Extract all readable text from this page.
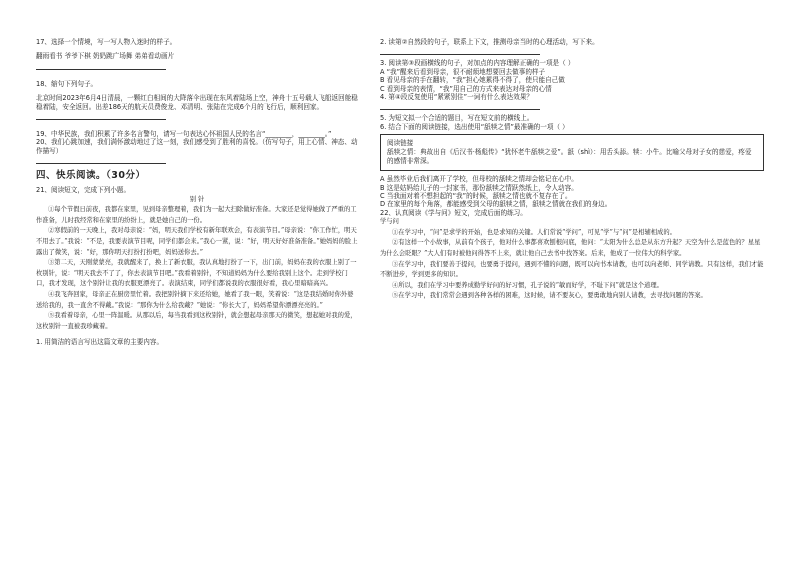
17、选择一个情境，写一写人物入迷时的样子。

翻雨看书 爷爷下棋 奶奶跳广场舞 弟弟看动画片

18、缩句下列句子。

北京时间2023年6月4日清晨，一颗红白相间的大降落伞出现在东风着陆场上空，神舟十五号载人飞船返回舱稳稳着陆，安全返回。出差186天的航天员费俊龙、邓清明、张陆在完成6个月的飞行后，顺利回家。

19、中华民族，我们积累了许多名言警句，请写一句表达心怀祖国人民的名言“________，________。”

20、我们心跳加速，我们满怀激动地过了这一刻，我们感受到了胜利的喜悦。（仿写句子，用上心情、神态、动作描写）

四、快乐阅读。（30分）

21、阅读短文，完成下列小题。

别 针

①每个节假日前夜，我都在家里，见到母亲整理着，我们为一起大扫除做好准备。大家还是觉得她做了严重的工作准备，儿时我经常和在家里的纷纷上，就是她自己的一份。

②寒假前的一天晚上，我对母亲说：“妈，明天我们学校有新年联欢会，有表演节目。”母亲说：“你工作忙，明天不用去了。”我说：“不是，我要表演节目呢，同学们都会来。”我心一紧，说：“好，明天好好准备准备。”她妈妈的脸上露出了微笑，说：“好，那你明天打扮打扮吧，妈妈送你去。”

③第二天，天刚蒙蒙亮，我就醒来了，换上了新衣服，我认真地打扮了一下，出门前，妈妈在我的衣服上别了一枚别针，说：“明天我去不了了，你去表演节目吧。”我看着别针，不知道妈妈为什么要给我别上这个。走到学校门口，我才发现，这个别针让我的衣服更漂亮了。表演结束，同学们都说我的衣服很好看，我心里暗暗高兴。

④我飞奔回家，母亲正在厨房里忙着。我把别针摘下来还给她，她看了我一眼，笑着说：“这是我结婚时你外婆送给我的，我一直舍不得戴。”我说：“那你为什么给我戴？”她说：“你长大了，妈妈希望你漂漂亮亮的。”

⑤我看着母亲，心里一阵温暖。从那以后，每当我看到这枚别针，就会想起母亲那天的微笑，想起她对我的爱，这枚别针一直被我珍藏着。

1. 用简洁的语言写出这篇文章的主要内容。

2. 读第②自然段的句子，联系上下文，推测母亲当时的心理活动，写下来。

3. 阅读第③段画横线的句子，对加点的内容理解正确的一项是（ ）

A “我”醒来后看到母亲，很不耐烦地想要回去做事的样子

B 看见母亲的手在翻转，“我”担心她累得不得了，使只能自己做

C 看到母亲的表情，“我”用自己的方式来表达对母亲的心情

4. 第④段反复使用“紧紧别住”一词有什么表达效果？

5. 为短文拟一个合适的题目，写在短文前的横线上。

6. 结合下面的阅读链接，选出使用“舐犊之情”最准确的一项（ ）

阅读链接

舐犊之情：典故出自《后汉书·杨彪传》“犹怀老牛舐犊之爱”。舐（shì）：用舌头舔。犊：小牛。比喻父母对子女的慈爱，疼爱的感情非常深。

A 虽然毕业后我们离开了学校，但母校的舐犊之情却会铭记在心中。

B 这是姑妈给儿子的一封家书，那份舐犊之情跃然纸上，令人动容。

C 当我面对着不想担起的“我”的时候，舐犊之情也就不复存在了。

D 在家里的每个角落，都能感受到父母的舐犊之情，舐犊之情就在我们的身边。

22、认真阅读《学与问》短文，完成后面的练习。

学与问

①在学习中，“问”是求学的开始，也是求知的关键。人们常说“学问”，可见“学”与“问”是相辅相成的。

②有这样一个小故事，从前有个孩子，他对什么事都喜欢刨根问底，他问：“太阳为什么总是从东方升起？天空为什么是蓝色的？星星为什么会眨眼？”大人们有时被他问得答不上来，就让他自己去书中找答案。后来，他成了一位伟大的科学家。

③在学习中，我们要善于提问，也要勇于提问，遇到不懂的问题，既可以向书本请教，也可以向老师、同学请教。只有这样，我们才能不断进步，学到更多的知识。

④所以，我们在学习中要养成勤学好问的好习惯，孔子说的“敏而好学，不耻下问”就是这个道理。

⑤在学习中，我们常常会遇到各种各样的困难，这时候，请不要灰心，要勇敢地向别人请教，去寻找问题的答案。
